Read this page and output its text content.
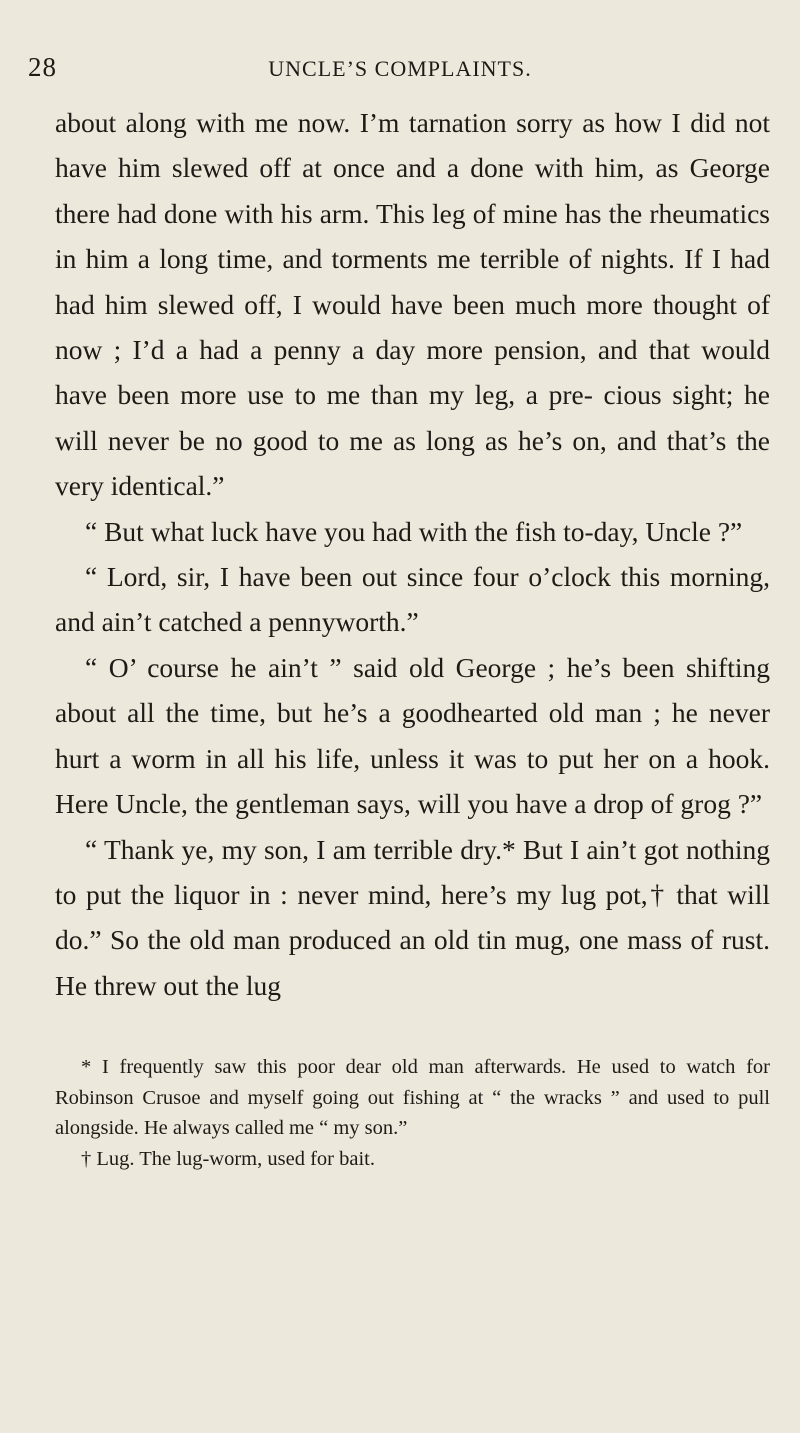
28	UNCLE’S COMPLAINTS.

about along with me now. I’m tarnation sorry as how I did not have him slewed off at once and a done with him, as George there had done with his arm. This leg of mine has the rheumatics in him a long time, and torments me terrible of nights. If I had had him slewed off, I would have been much more thought of now ; I’d a had a penny a day more pension, and that would have been more use to me than my leg, a pre- cious sight; he will never be no good to me as long as he’s on, and that’s the very identical.”

“ But what luck have you had with the fish to-day, Uncle ?”

“ Lord, sir, I have been out since four o’clock this morning, and ain’t catched a pennyworth.”

“ O’ course he ain’t ” said old George ; he’s been shifting about all the time, but he’s a goodhearted old man ; he never hurt a worm in all his life, unless it was to put her on a hook. Here Uncle, the gentleman says, will you have a drop of grog ?”

“ Thank ye, my son, I am terrible dry.* But I ain’t got nothing to put the liquor in : never mind, here’s my lug pot,† that will do.” So the old man produced an old tin mug, one mass of rust. He threw out the lug

* I frequently saw this poor dear old man afterwards. He used to watch for Robinson Crusoe and myself going out fishing at “ the wracks ” and used to pull alongside. He always called me “ my son.”

† Lug. The lug-worm, used for bait.
